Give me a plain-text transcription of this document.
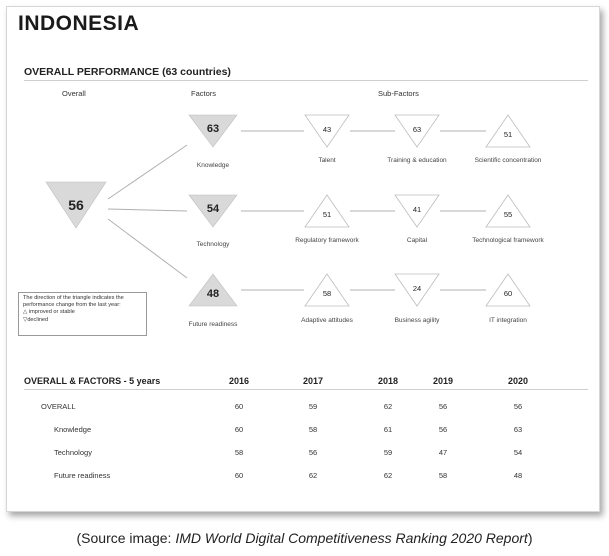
INDONESIA
OVERALL PERFORMANCE (63 countries)
Overall	Factors	Sub-Factors
56
63	43	63
51
54	51
41
55
48	58
24
60
Knowledge
Technology
Future readiness
Talent	Training & education	Scientific concentration
Regulatory framework	Capital	Technological framework
Adaptive attitudes	Business agility	IT integration
The direction of the triangle indicates the
performance change from the last year:
△ improved or stable
▽declined
OVERALL & FACTORS - 5 years	2016	2017	2018	2019	2020
OVERALL	60	59	62	56	56
Knowledge	60	58	61	56	63
Technology	58	56	59	47	54
Future readiness	60	62	62	58	48
(Source image: IMD World Digital Competitiveness Ranking 2020 Report)
